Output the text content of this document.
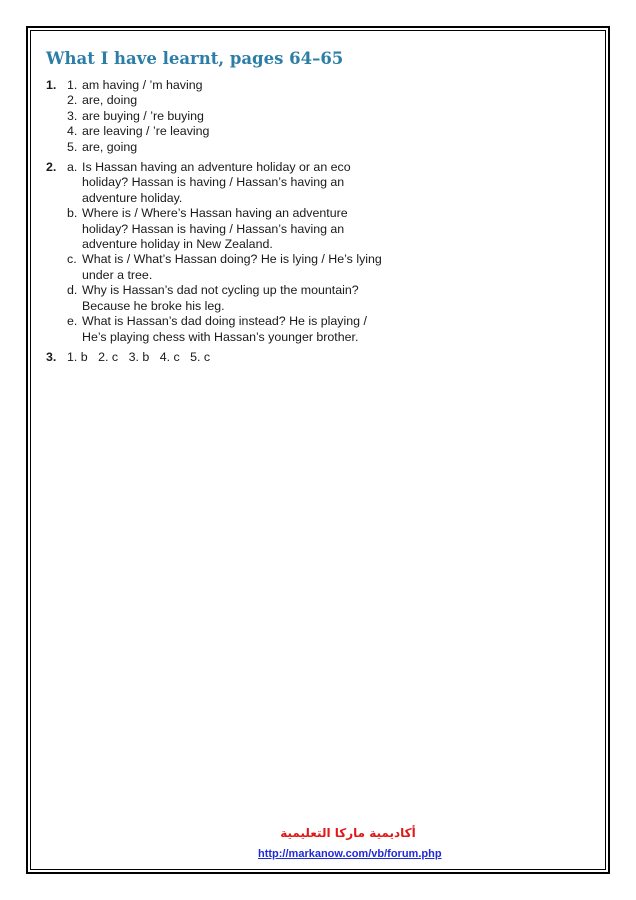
What I have learnt, pages 64–65
1. 1. am having / ’m having
2. are, doing
3. are buying / ’re buying
4. are leaving / ’re leaving
5. are, going
2. a. Is Hassan having an adventure holiday or an eco holiday? Hassan is having / Hassan’s having an adventure holiday.
b. Where is / Where’s Hassan having an adventure holiday? Hassan is having / Hassan’s having an adventure holiday in New Zealand.
c. What is / What’s Hassan doing? He is lying / He’s lying under a tree.
d. Why is Hassan’s dad not cycling up the mountain? Because he broke his leg.
e. What is Hassan’s dad doing instead? He is playing / He’s playing chess with Hassan’s younger brother.
3. 1. b 2. c 3. b 4. c 5. c
أكاديمية ماركا التعليمية
http://markanow.com/vb/forum.php
